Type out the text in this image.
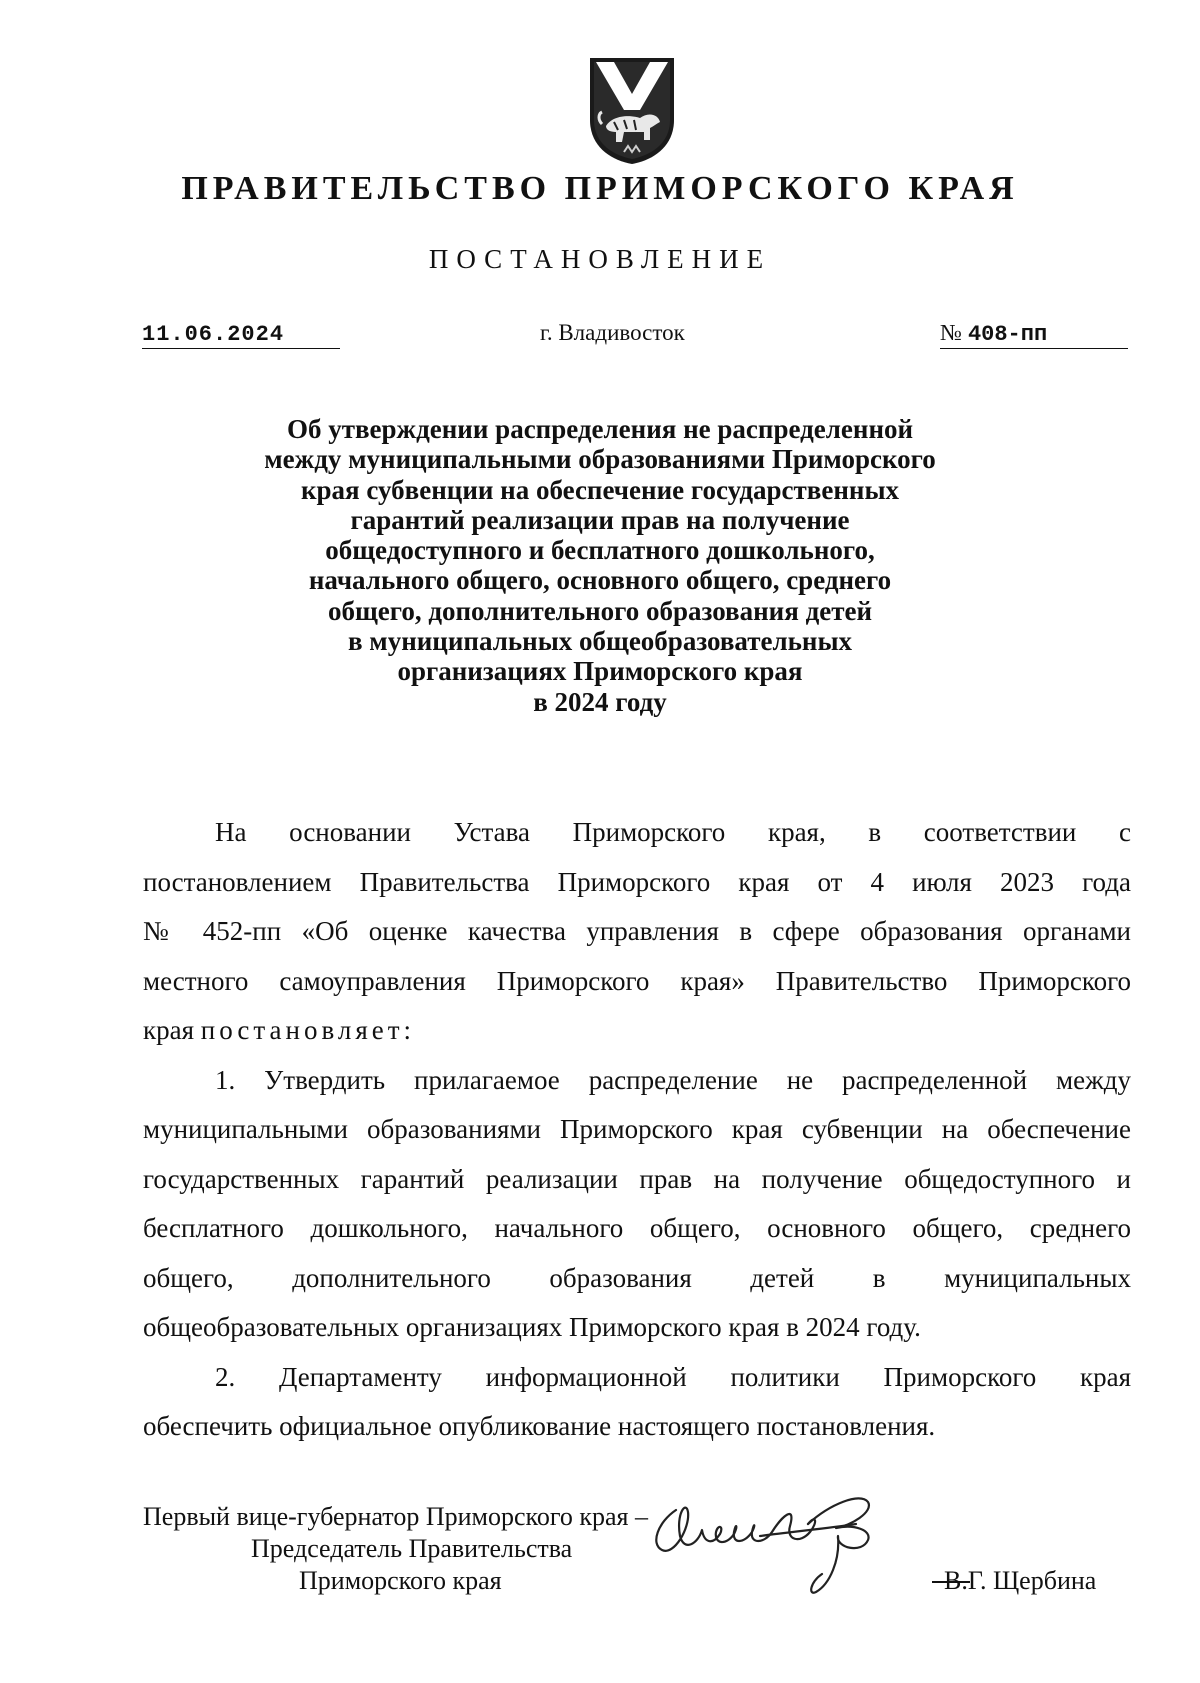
ПРАВИТЕЛЬСТВО ПРИМОРСКОГО КРАЯ
ПОСТАНОВЛЕНИЕ
11.06.2024	г. Владивосток	№ 408-пп
Об утверждении распределения не распределенной
между муниципальными образованиями Приморского
края субвенции на обеспечение государственных
гарантий реализации прав на получение
общедоступного и бесплатного дошкольного,
начального общего, основного общего, среднего
общего, дополнительного образования детей
в муниципальных общеобразовательных
организациях Приморского края
в 2024 году
На основании Устава Приморского края, в соответствии с
постановлением Правительства Приморского края от 4 июля 2023 года
№ 452-пп «Об оценке качества управления в сфере образования органами
местного самоуправления Приморского края» Правительство Приморского
края постановляет:
1. Утвердить прилагаемое распределение не распределенной между
муниципальными образованиями Приморского края субвенции на обеспечение
государственных гарантий реализации прав на получение общедоступного и
бесплатного дошкольного, начального общего, основного общего, среднего
общего, дополнительного образования детей в муниципальных
общеобразовательных организациях Приморского края в 2024 году.
2. Департаменту информационной политики Приморского края
обеспечить официальное опубликование настоящего постановления.
Первый вице-губернатор Приморского края –
Председатель Правительства
Приморского края	В.Г. Щербина
